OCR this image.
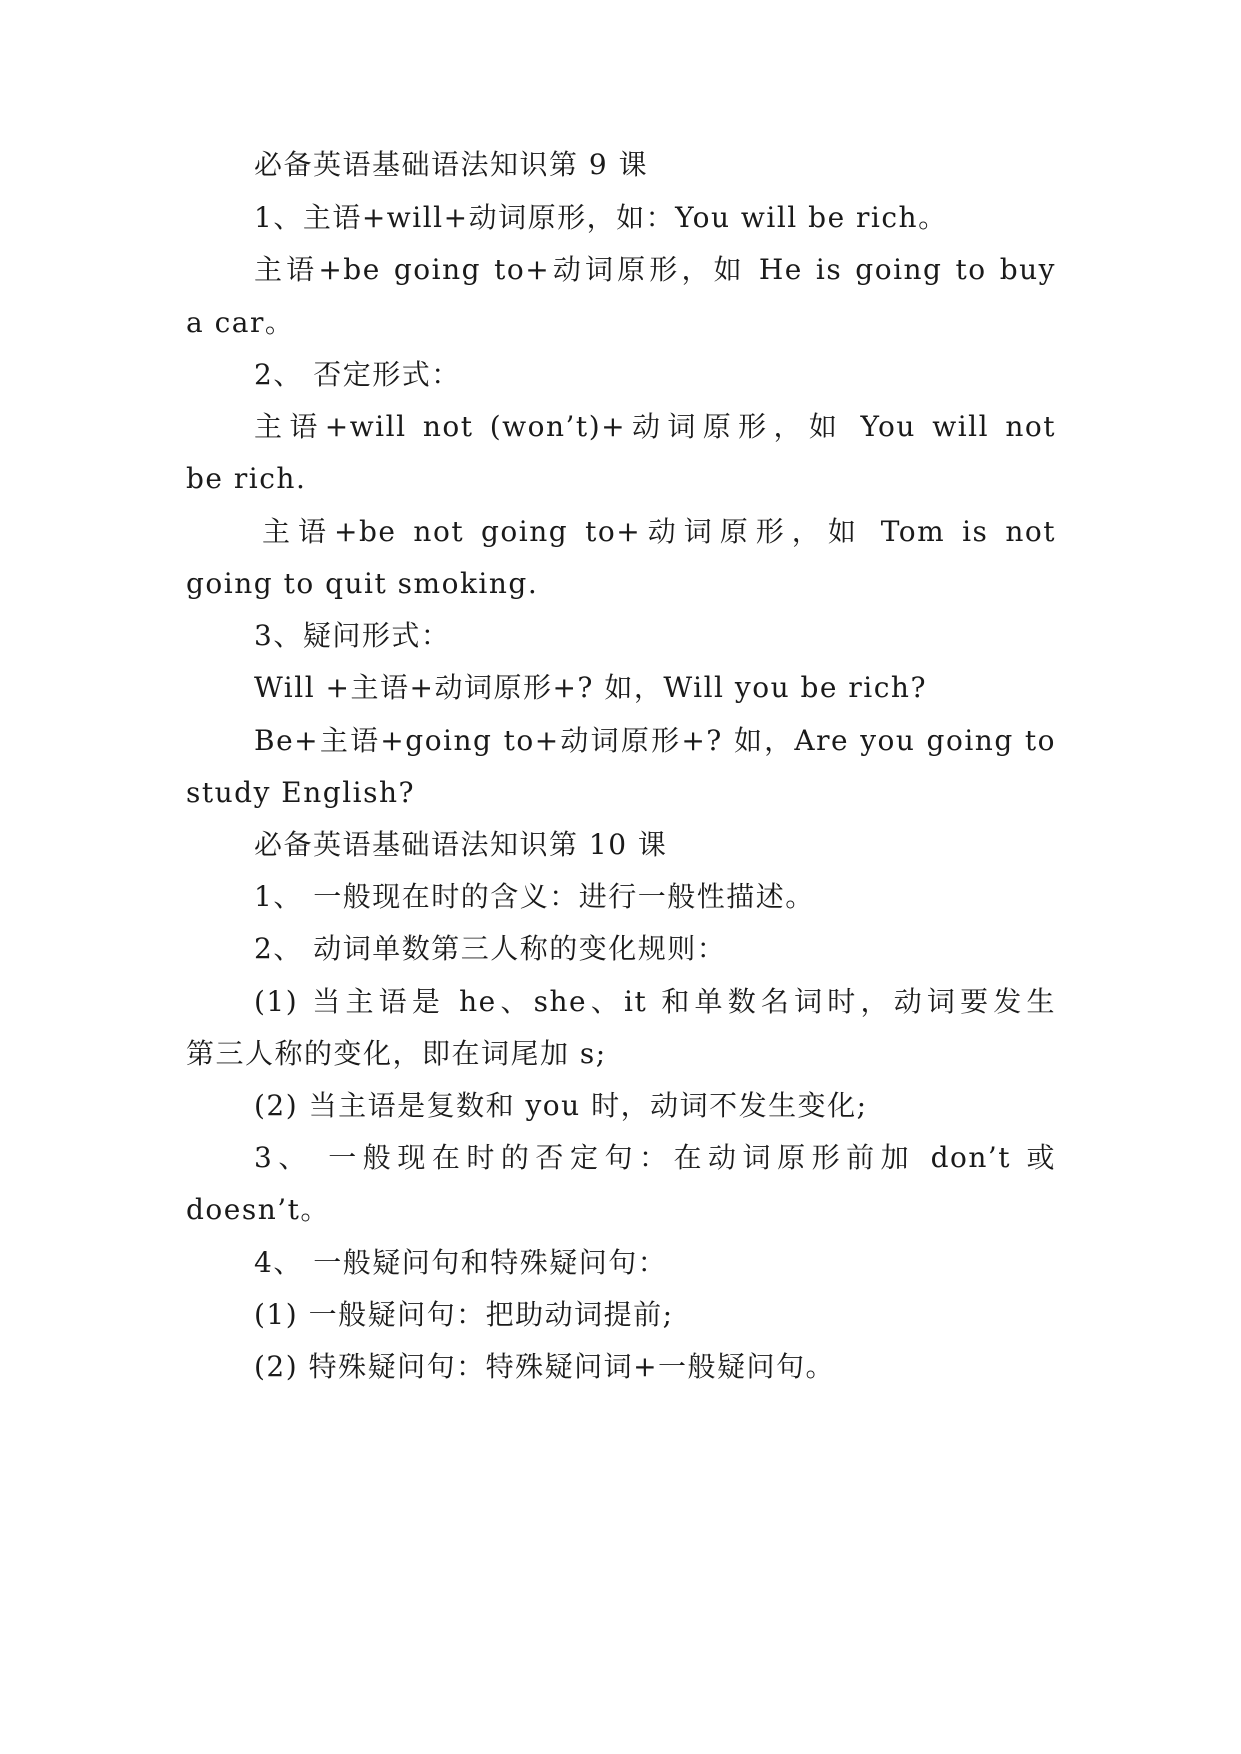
必备英语基础语法知识第 9 课
1、主语+will+动词原形，如：You will be rich。
主语+be going to+动词原形，如 He is going to buy
a car。
2、 否定形式：
主语+will not (won’t)+动词原形，如 You will not
be rich.
主语+be not going to+动词原形，如 Tom is not
going to quit smoking.
3、疑问形式：
Will +主语+动词原形+? 如，Will you be rich?
Be+主语+going to+动词原形+? 如，Are you going to
study English?
必备英语基础语法知识第 10 课
1、 一般现在时的含义：进行一般性描述。
2、 动词单数第三人称的变化规则：
(1) 当主语是 he、she、it 和单数名词时，动词要发生
第三人称的变化，即在词尾加 s;
(2) 当主语是复数和 you 时，动词不发生变化;
3、 一般现在时的否定句：在动词原形前加 don’t 或
doesn’t。
4、 一般疑问句和特殊疑问句：
(1) 一般疑问句：把助动词提前;
(2) 特殊疑问句：特殊疑问词+一般疑问句。
